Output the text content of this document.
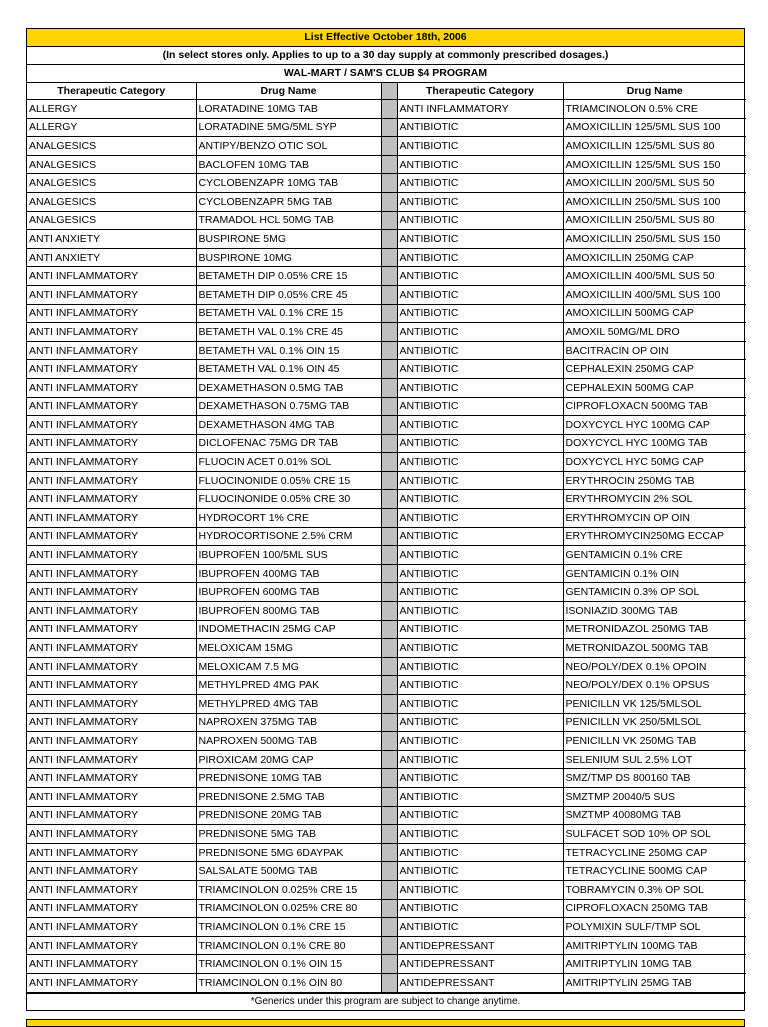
List Effective October 18th, 2006
(In select stores only. Applies to up to a 30 day supply at commonly prescribed dosages.)
WAL-MART / SAM'S CLUB $4 PROGRAM
Therapeutic Category	Drug Name		Therapeutic Category	Drug Name
ALLERGY	LORATADINE 10MG TAB		ANTI INFLAMMATORY	TRIAMCINOLON 0.5% CRE
ALLERGY	LORATADINE 5MG/5ML SYP		ANTIBIOTIC	AMOXICILLIN 125/5ML SUS 100
ANALGESICS	ANTIPY/BENZO OTIC SOL		ANTIBIOTIC	AMOXICILLIN 125/5ML SUS 80
ANALGESICS	BACLOFEN 10MG TAB		ANTIBIOTIC	AMOXICILLIN 125/5ML SUS 150
ANALGESICS	CYCLOBENZAPR 10MG TAB		ANTIBIOTIC	AMOXICILLIN 200/5ML SUS 50
ANALGESICS	CYCLOBENZAPR 5MG TAB		ANTIBIOTIC	AMOXICILLIN 250/5ML SUS 100
ANALGESICS	TRAMADOL HCL 50MG TAB		ANTIBIOTIC	AMOXICILLIN 250/5ML SUS 80
ANTI ANXIETY	BUSPIRONE 5MG		ANTIBIOTIC	AMOXICILLIN 250/5ML SUS 150
ANTI ANXIETY	BUSPIRONE 10MG		ANTIBIOTIC	AMOXICILLIN 250MG CAP
ANTI INFLAMMATORY	BETAMETH DIP 0.05% CRE 15		ANTIBIOTIC	AMOXICILLIN 400/5ML SUS 50
ANTI INFLAMMATORY	BETAMETH DIP 0.05% CRE 45		ANTIBIOTIC	AMOXICILLIN 400/5ML SUS 100
ANTI INFLAMMATORY	BETAMETH VAL 0.1% CRE 15		ANTIBIOTIC	AMOXICILLIN 500MG CAP
ANTI INFLAMMATORY	BETAMETH VAL 0.1% CRE 45		ANTIBIOTIC	AMOXIL 50MG/ML DRO
ANTI INFLAMMATORY	BETAMETH VAL 0.1% OIN 15		ANTIBIOTIC	BACITRACIN OP OIN
ANTI INFLAMMATORY	BETAMETH VAL 0.1% OIN 45		ANTIBIOTIC	CEPHALEXIN 250MG CAP
ANTI INFLAMMATORY	DEXAMETHASON 0.5MG TAB		ANTIBIOTIC	CEPHALEXIN 500MG CAP
ANTI INFLAMMATORY	DEXAMETHASON 0.75MG TAB		ANTIBIOTIC	CIPROFLOXACN 500MG TAB
ANTI INFLAMMATORY	DEXAMETHASON 4MG TAB		ANTIBIOTIC	DOXYCYCL HYC 100MG CAP
ANTI INFLAMMATORY	DICLOFENAC 75MG DR TAB		ANTIBIOTIC	DOXYCYCL HYC 100MG TAB
ANTI INFLAMMATORY	FLUOCIN ACET 0.01% SOL		ANTIBIOTIC	DOXYCYCL HYC 50MG CAP
ANTI INFLAMMATORY	FLUOCINONIDE 0.05% CRE 15		ANTIBIOTIC	ERYTHROCIN 250MG TAB
ANTI INFLAMMATORY	FLUOCINONIDE 0.05% CRE 30		ANTIBIOTIC	ERYTHROMYCIN 2% SOL
ANTI INFLAMMATORY	HYDROCORT 1% CRE		ANTIBIOTIC	ERYTHROMYCIN OP OIN
ANTI INFLAMMATORY	HYDROCORTISONE 2.5% CRM		ANTIBIOTIC	ERYTHROMYCIN250MG ECCAP
ANTI INFLAMMATORY	IBUPROFEN 100/5ML SUS		ANTIBIOTIC	GENTAMICIN 0.1% CRE
ANTI INFLAMMATORY	IBUPROFEN 400MG TAB		ANTIBIOTIC	GENTAMICIN 0.1% OIN
ANTI INFLAMMATORY	IBUPROFEN 600MG TAB		ANTIBIOTIC	GENTAMICIN 0.3% OP SOL
ANTI INFLAMMATORY	IBUPROFEN 800MG TAB		ANTIBIOTIC	ISONIAZID 300MG TAB
ANTI INFLAMMATORY	INDOMETHACIN 25MG CAP		ANTIBIOTIC	METRONIDAZOL 250MG TAB
ANTI INFLAMMATORY	MELOXICAM 15MG		ANTIBIOTIC	METRONIDAZOL 500MG TAB
ANTI INFLAMMATORY	MELOXICAM 7.5 MG		ANTIBIOTIC	NEO/POLY/DEX 0.1% OPOIN
ANTI INFLAMMATORY	METHYLPRED 4MG PAK		ANTIBIOTIC	NEO/POLY/DEX 0.1% OPSUS
ANTI INFLAMMATORY	METHYLPRED 4MG TAB		ANTIBIOTIC	PENICILLN VK 125/5MLSOL
ANTI INFLAMMATORY	NAPROXEN 375MG TAB		ANTIBIOTIC	PENICILLN VK 250/5MLSOL
ANTI INFLAMMATORY	NAPROXEN 500MG TAB		ANTIBIOTIC	PENICILLN VK 250MG TAB
ANTI INFLAMMATORY	PIROXICAM 20MG CAP		ANTIBIOTIC	SELENIUM SUL 2.5% LOT
ANTI INFLAMMATORY	PREDNISONE 10MG TAB		ANTIBIOTIC	SMZ/TMP DS 800160 TAB
ANTI INFLAMMATORY	PREDNISONE 2.5MG TAB		ANTIBIOTIC	SMZTMP 20040/5 SUS
ANTI INFLAMMATORY	PREDNISONE 20MG TAB		ANTIBIOTIC	SMZTMP 40080MG TAB
ANTI INFLAMMATORY	PREDNISONE 5MG TAB		ANTIBIOTIC	SULFACET SOD 10% OP SOL
ANTI INFLAMMATORY	PREDNISONE 5MG 6DAYPAK		ANTIBIOTIC	TETRACYCLINE 250MG CAP
ANTI INFLAMMATORY	SALSALATE 500MG TAB		ANTIBIOTIC	TETRACYCLINE 500MG CAP
ANTI INFLAMMATORY	TRIAMCINOLON 0.025% CRE 15		ANTIBIOTIC	TOBRAMYCIN 0.3% OP SOL
ANTI INFLAMMATORY	TRIAMCINOLON 0.025% CRE 80		ANTIBIOTIC	CIPROFLOXACN 250MG TAB
ANTI INFLAMMATORY	TRIAMCINOLON 0.1% CRE 15		ANTIBIOTIC	POLYMIXIN SULF/TMP SOL
ANTI INFLAMMATORY	TRIAMCINOLON 0.1% CRE 80		ANTIDEPRESSANT	AMITRIPTYLIN 100MG TAB
ANTI INFLAMMATORY	TRIAMCINOLON 0.1% OIN 15		ANTIDEPRESSANT	AMITRIPTYLIN 10MG TAB
ANTI INFLAMMATORY	TRIAMCINOLON 0.1% OIN 80		ANTIDEPRESSANT	AMITRIPTYLIN 25MG TAB
*Generics under this program are subject to change anytime.
